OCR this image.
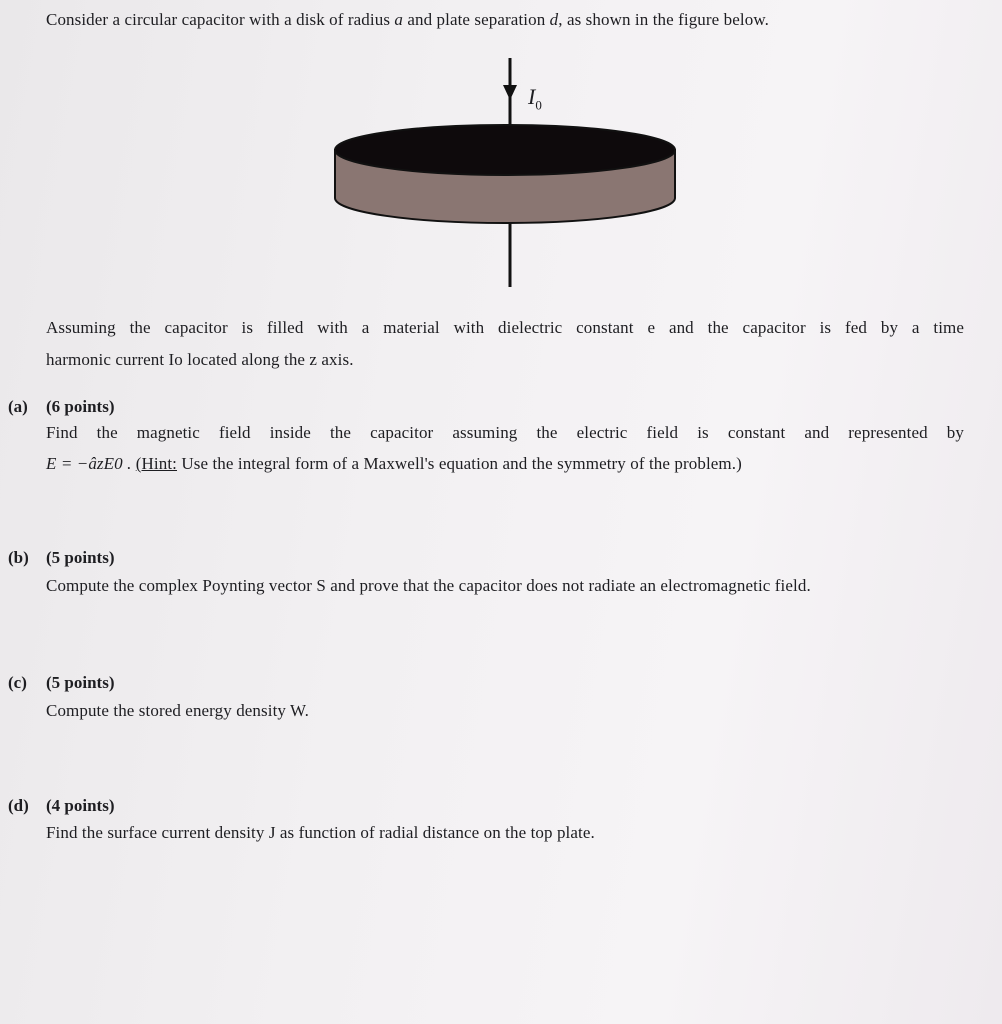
Consider a circular capacitor with a disk of radius a and plate separation d, as shown in the figure below.
$I_0$
Assuming the capacitor is filled with a material with dielectric constant e and the capacitor is fed by a time
harmonic current Io located along the z axis.
(a) (6 points)
Find the magnetic field inside the capacitor assuming the electric field is constant and represented by
E = −âzE0 . (Hint: Use the integral form of a Maxwell's equation and the symmetry of the problem.)
(b) (5 points)
Compute the complex Poynting vector S and prove that the capacitor does not radiate an electromagnetic field.
(c) (5 points)
Compute the stored energy density W.
(d) (4 points)
Find the surface current density J as function of radial distance on the top plate.
